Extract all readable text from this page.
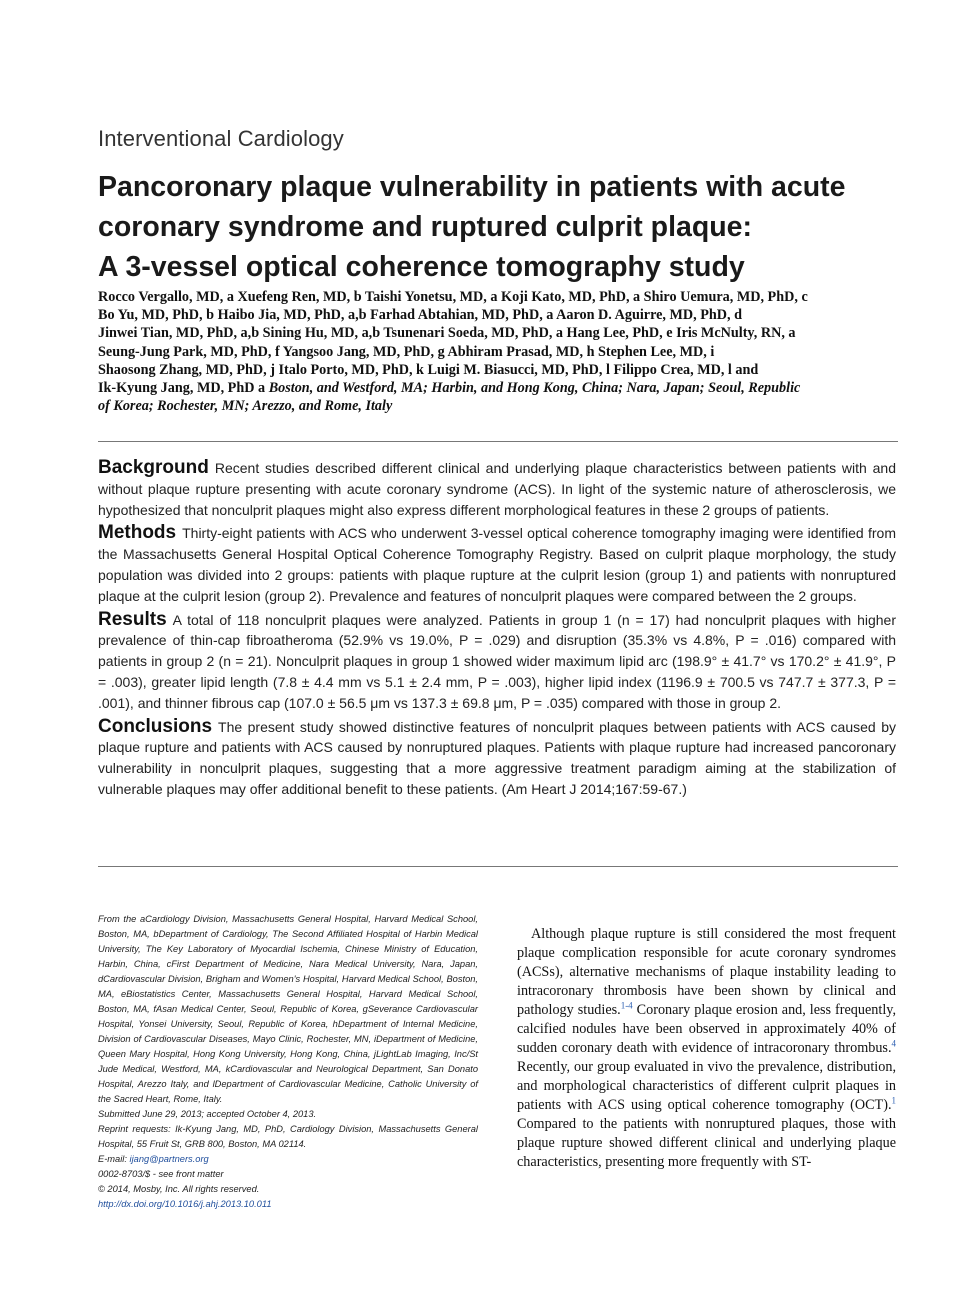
Interventional Cardiology
Pancoronary plaque vulnerability in patients with acute
coronary syndrome and ruptured culprit plaque:
A 3-vessel optical coherence tomography study
Rocco Vergallo, MD, a Xuefeng Ren, MD, b Taishi Yonetsu, MD, a Koji Kato, MD, PhD, a Shiro Uemura, MD, PhD, c
Bo Yu, MD, PhD, b Haibo Jia, MD, PhD, a,b Farhad Abtahian, MD, PhD, a Aaron D. Aguirre, MD, PhD, d
Jinwei Tian, MD, PhD, a,b Sining Hu, MD, a,b Tsunenari Soeda, MD, PhD, a Hang Lee, PhD, e Iris McNulty, RN, a
Seung-Jung Park, MD, PhD, f Yangsoo Jang, MD, PhD, g Abhiram Prasad, MD, h Stephen Lee, MD, i
Shaosong Zhang, MD, PhD, j Italo Porto, MD, PhD, k Luigi M. Biasucci, MD, PhD, l Filippo Crea, MD, l and
Ik-Kyung Jang, MD, PhD a Boston, and Westford, MA; Harbin, and Hong Kong, China; Nara, Japan; Seoul, Republic
of Korea; Rochester, MN; Arezzo, and Rome, Italy

Background Recent studies described different clinical and underlying plaque characteristics between patients with and without plaque rupture presenting with acute coronary syndrome (ACS). In light of the systemic nature of atherosclerosis, we hypothesized that nonculprit plaques might also express different morphological features in these 2 groups of patients.

Methods Thirty-eight patients with ACS who underwent 3-vessel optical coherence tomography imaging were identified from the Massachusetts General Hospital Optical Coherence Tomography Registry. Based on culprit plaque morphology, the study population was divided into 2 groups: patients with plaque rupture at the culprit lesion (group 1) and patients with nonruptured plaque at the culprit lesion (group 2). Prevalence and features of nonculprit plaques were compared between the 2 groups.

Results A total of 118 nonculprit plaques were analyzed. Patients in group 1 (n = 17) had nonculprit plaques with higher prevalence of thin-cap fibroatheroma (52.9% vs 19.0%, P = .029) and disruption (35.3% vs 4.8%, P = .016) compared with patients in group 2 (n = 21). Nonculprit plaques in group 1 showed wider maximum lipid arc (198.9° ± 41.7° vs 170.2° ± 41.9°, P = .003), greater lipid length (7.8 ± 4.4 mm vs 5.1 ± 2.4 mm, P = .003), higher lipid index (1196.9 ± 700.5 vs 747.7 ± 377.3, P = .001), and thinner fibrous cap (107.0 ± 56.5 μm vs 137.3 ± 69.8 μm, P = .035) compared with those in group 2.

Conclusions The present study showed distinctive features of nonculprit plaques between patients with ACS caused by plaque rupture and patients with ACS caused by nonruptured plaques. Patients with plaque rupture had increased pancoronary vulnerability in nonculprit plaques, suggesting that a more aggressive treatment paradigm aiming at the stabilization of vulnerable plaques may offer additional benefit to these patients. (Am Heart J 2014;167:59-67.)

From the aCardiology Division, Massachusetts General Hospital, Harvard Medical School, Boston, MA, bDepartment of Cardiology, The Second Affiliated Hospital of Harbin Medical University, The Key Laboratory of Myocardial Ischemia, Chinese Ministry of Education, Harbin, China, cFirst Department of Medicine, Nara Medical University, Nara, Japan, dCardiovascular Division, Brigham and Women's Hospital, Harvard Medical School, Boston, MA, eBiostatistics Center, Massachusetts General Hospital, Harvard Medical School, Boston, MA, fAsan Medical Center, Seoul, Republic of Korea, gSeverance Cardiovascular Hospital, Yonsei University, Seoul, Republic of Korea, hDepartment of Internal Medicine, Division of Cardiovascular Diseases, Mayo Clinic, Rochester, MN, iDepartment of Medicine, Queen Mary Hospital, Hong Kong University, Hong Kong, China, jLightLab Imaging, Inc/St Jude Medical, Westford, MA, kCardiovascular and Neurological Department, San Donato Hospital, Arezzo Italy, and lDepartment of Cardiovascular Medicine, Catholic University of the Sacred Heart, Rome, Italy.

Submitted June 29, 2013; accepted October 4, 2013.

Reprint requests: Ik-Kyung Jang, MD, PhD, Cardiology Division, Massachusetts General Hospital, 55 Fruit St, GRB 800, Boston, MA 02114.

E-mail: ijang@partners.org

0002-8703/$ - see front matter

© 2014, Mosby, Inc. All rights reserved.

http://dx.doi.org/10.1016/j.ahj.2013.10.011

Although plaque rupture is still considered the most frequent plaque complication responsible for acute coronary syndromes (ACSs), alternative mechanisms of plaque instability leading to intracoronary thrombosis have been shown by clinical and pathology studies.$^{1-4}$ Coronary plaque erosion and, less frequently, calcified nodules have been observed in approximately 40% of sudden coronary death with evidence of intracoronary thrombus.$^4$ Recently, our group evaluated in vivo the prevalence, distribution, and morphological characteristics of different culprit plaques in patients with ACS using optical coherence tomography (OCT).$^1$ Compared to the patients with nonruptured plaques, those with plaque rupture showed different clinical and underlying plaque characteristics, presenting more frequently with ST-
